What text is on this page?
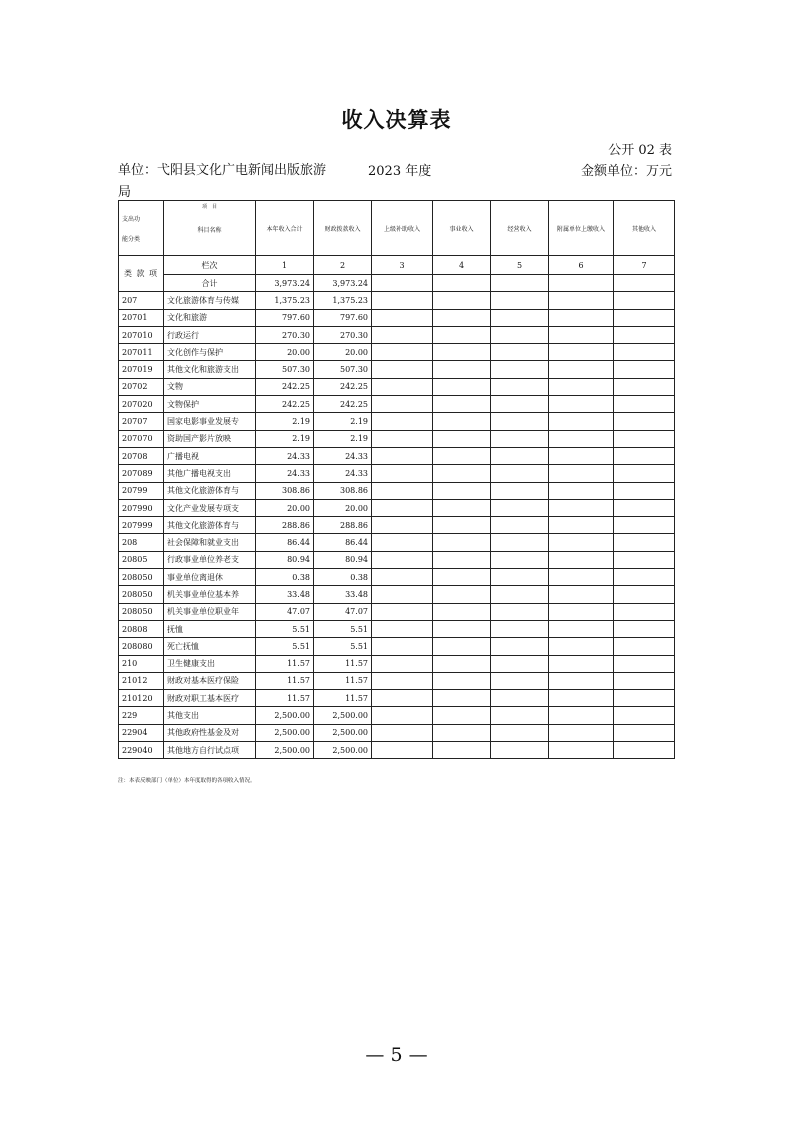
收入决算表
公开 02 表
单位：弋阳县文化广电新闻出版旅游局
2023 年度	金额单位：万元
支出功
能分类	项　目
科目名称	本年收入合计	财政拨款收入	上级补助收入	事业收入	经营收入	附属单位上缴收入	其他收入
类 款 项	栏次	1	2	3	4	5	6	7
	合计	3,973.24	3,973.24					
207	文化旅游体育与传媒	1,375.23	1,375.23					
20701	文化和旅游	797.60	797.60					
207010	行政运行	270.30	270.30					
207011	文化创作与保护	20.00	20.00					
207019	其他文化和旅游支出	507.30	507.30					
20702	文物	242.25	242.25					
207020	文物保护	242.25	242.25					
20707	国家电影事业发展专	2.19	2.19					
207070	资助国产影片放映	2.19	2.19					
20708	广播电视	24.33	24.33					
207089	其他广播电视支出	24.33	24.33					
20799	其他文化旅游体育与	308.86	308.86					
207990	文化产业发展专项支	20.00	20.00					
207999	其他文化旅游体育与	288.86	288.86					
208	社会保障和就业支出	86.44	86.44					
20805	行政事业单位养老支	80.94	80.94					
208050	事业单位离退休	0.38	0.38					
208050	机关事业单位基本养	33.48	33.48					
208050	机关事业单位职业年	47.07	47.07					
20808	抚恤	5.51	5.51					
208080	死亡抚恤	5.51	5.51					
210	卫生健康支出	11.57	11.57					
21012	财政对基本医疗保险	11.57	11.57					
210120	财政对职工基本医疗	11.57	11.57					
229	其他支出	2,500.00	2,500.00					
22904	其他政府性基金及对	2,500.00	2,500.00					
229040	其他地方自行试点项	2,500.00	2,500.00					
注：本表反映部门（单位）本年度取得的各项收入情况。
— 5 —
